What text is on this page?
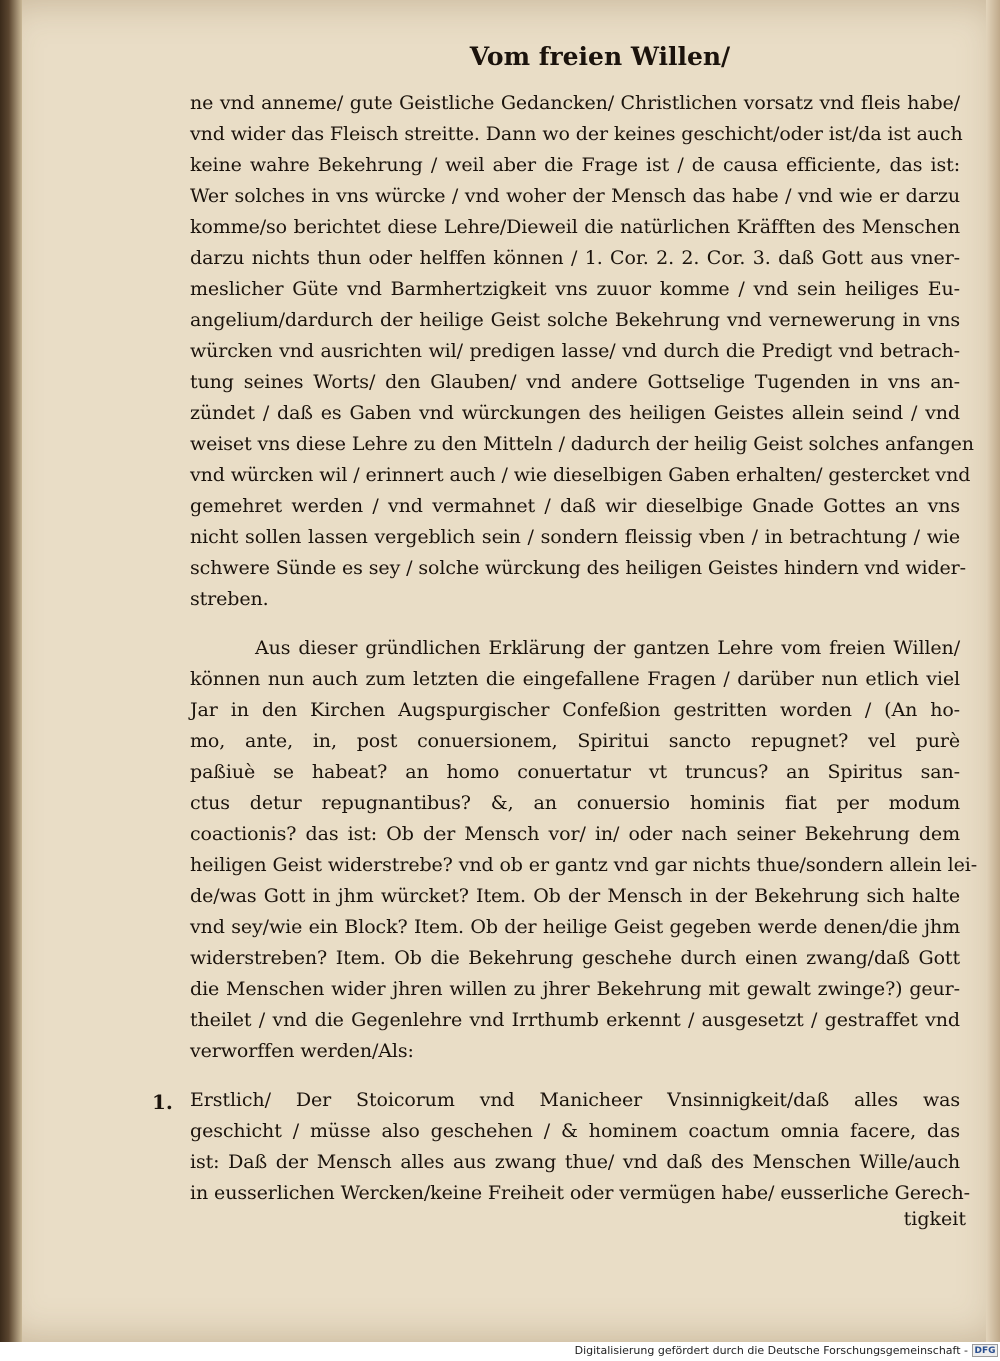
Vom freien Willen/
ne vnd anneme/ gute Geistliche Gedancken/ Christlichen vorsatz vnd fleis habe/
vnd wider das Fleisch streitte. Dann wo der keines geschicht/oder ist/da ist auch
keine wahre Bekehrung / weil aber die Frage ist / de causa efficiente, das ist:
Wer solches in vns würcke / vnd woher der Mensch das habe / vnd wie er darzu
komme/so berichtet diese Lehre/Dieweil die natürlichen Kräfften des Menschen
darzu nichts thun oder helffen können / 1. Cor. 2. 2. Cor. 3. daß Gott aus vner-
meslicher Güte vnd Barmhertzigkeit vns zuuor komme / vnd sein heiliges Eu-
angelium/dardurch der heilige Geist solche Bekehrung vnd vernewerung in vns
würcken vnd ausrichten wil/ predigen lasse/ vnd durch die Predigt vnd betrach-
tung seines Worts/ den Glauben/ vnd andere Gottselige Tugenden in vns an-
zündet / daß es Gaben vnd würckungen des heiligen Geistes allein seind / vnd
weiset vns diese Lehre zu den Mitteln / dadurch der heilig Geist solches anfangen
vnd würcken wil / erinnert auch / wie dieselbigen Gaben erhalten/ gestercket vnd
gemehret werden / vnd vermahnet / daß wir dieselbige Gnade Gottes an vns
nicht sollen lassen vergeblich sein / sondern fleissig vben / in betrachtung / wie
schwere Sünde es sey / solche würckung des heiligen Geistes hindern vnd wider-
streben.
Aus dieser gründlichen Erklärung der gantzen Lehre vom freien Willen/
können nun auch zum letzten die eingefallene Fragen / darüber nun etlich viel
Jar in den Kirchen Augspurgischer Confeßion gestritten worden / (An ho-
mo, ante, in, post conuersionem, Spiritui sancto repugnet? vel purè
paßiuè se habeat? an homo conuertatur vt truncus? an Spiritus san-
ctus detur repugnantibus? &, an conuersio hominis fiat per modum
coactionis? das ist: Ob der Mensch vor/ in/ oder nach seiner Bekehrung dem
heiligen Geist widerstrebe? vnd ob er gantz vnd gar nichts thue/sondern allein lei-
de/was Gott in jhm würcket? Item. Ob der Mensch in der Bekehrung sich halte
vnd sey/wie ein Block? Item. Ob der heilige Geist gegeben werde denen/die jhm
widerstreben? Item. Ob die Bekehrung geschehe durch einen zwang/daß Gott
die Menschen wider jhren willen zu jhrer Bekehrung mit gewalt zwinge?) geur-
theilet / vnd die Gegenlehre vnd Irrthumb erkennt / ausgesetzt / gestraffet vnd
verworffen werden/Als:
1. Erstlich/ Der Stoicorum vnd Manicheer Vnsinnigkeit/daß alles was
geschicht / müsse also geschehen / & hominem coactum omnia facere, das
ist: Daß der Mensch alles aus zwang thue/ vnd daß des Menschen Wille/auch
in eusserlichen Wercken/keine Freiheit oder vermügen habe/ eusserliche Gerech-
tigkeit
Digitalisierung gefördert durch die Deutsche Forschungsgemeinschaft - DFG
